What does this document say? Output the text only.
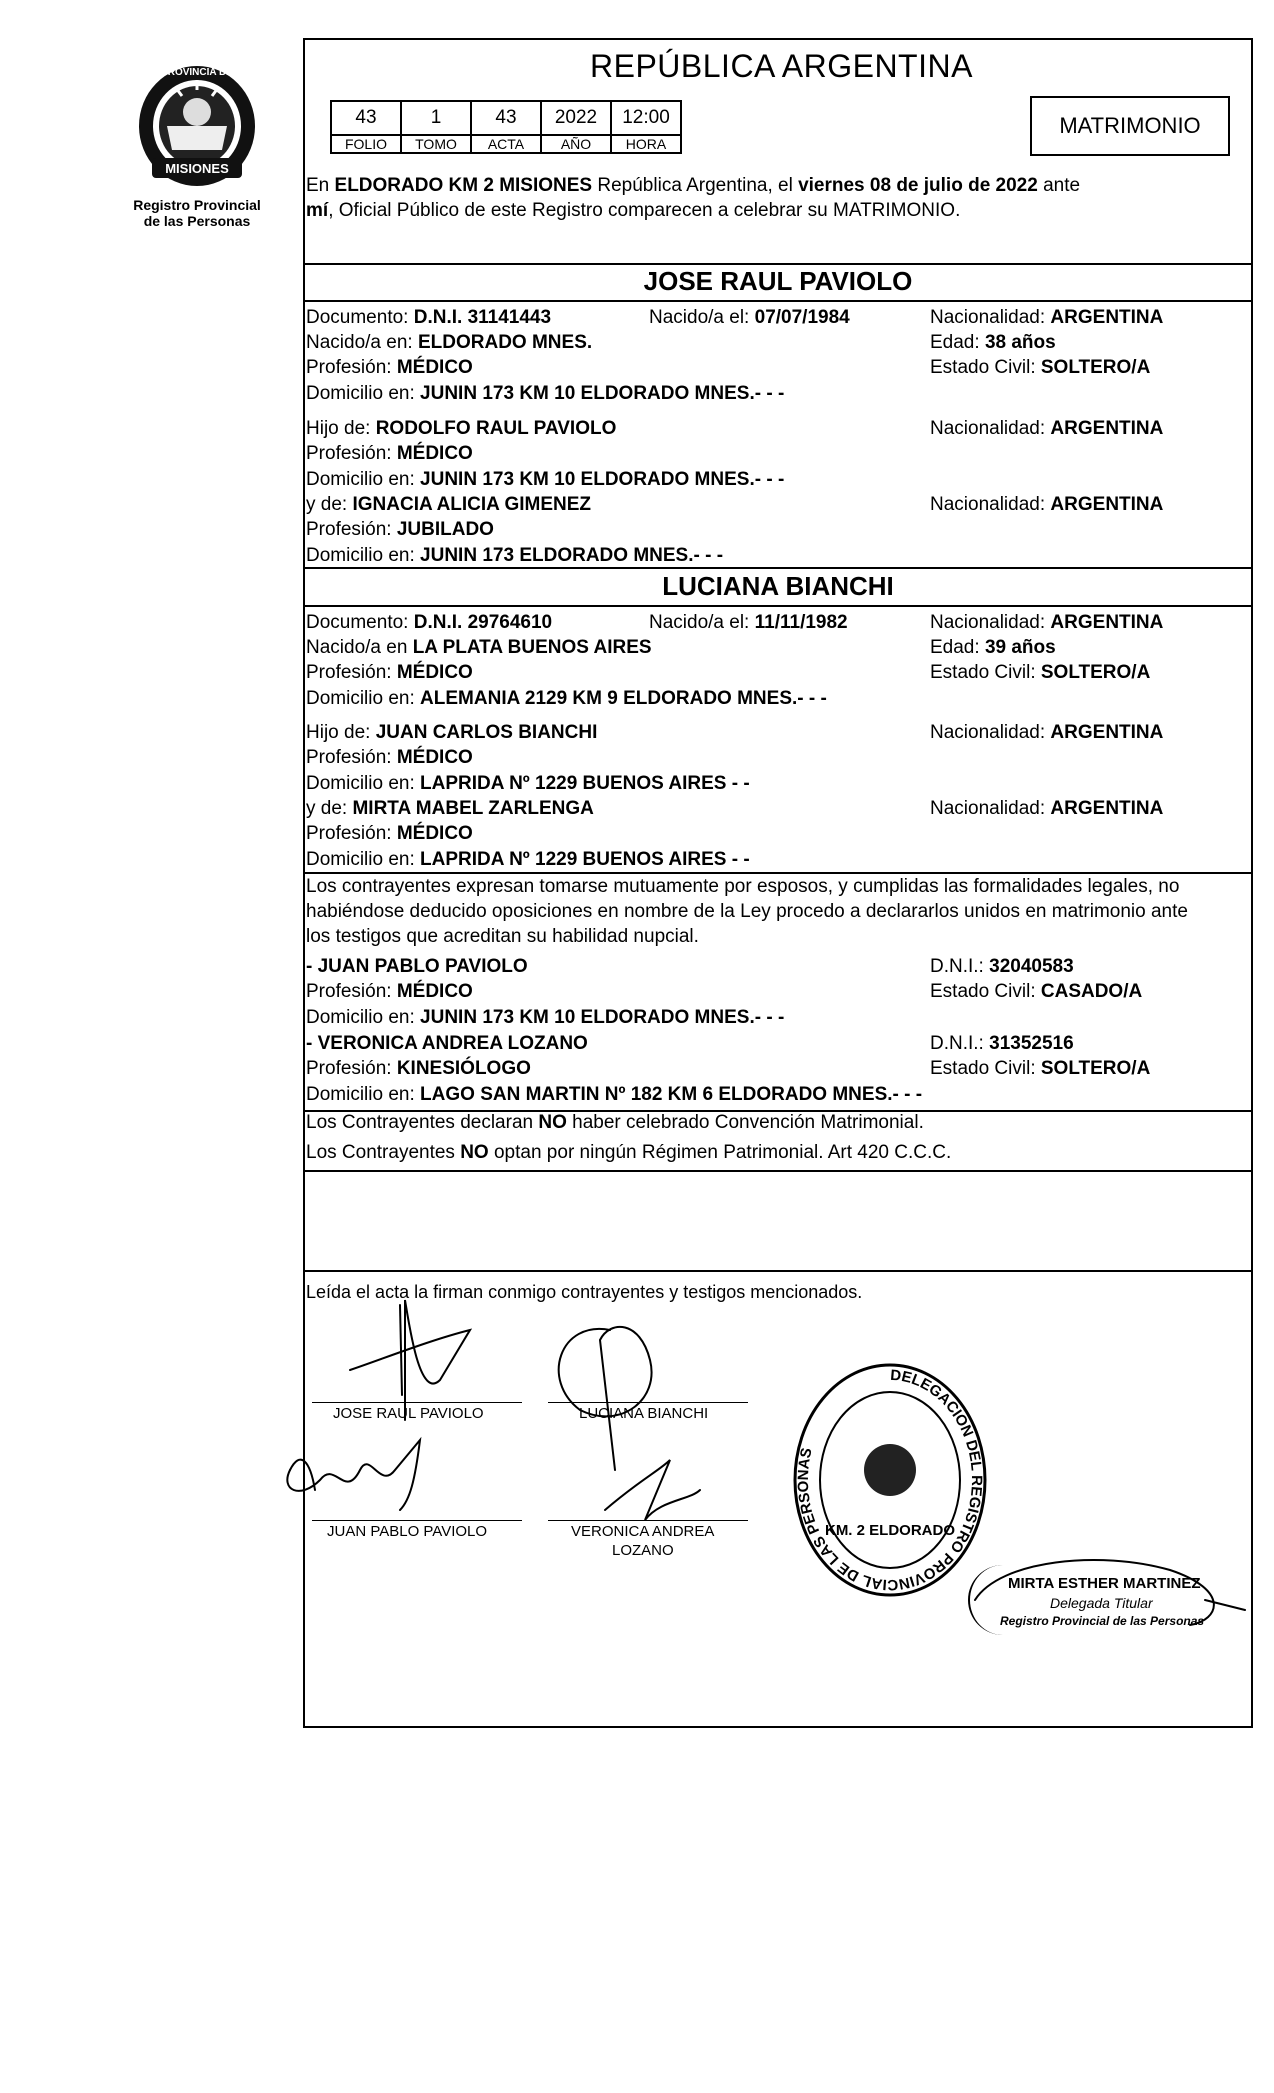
MISIONES
PROVINCIA DE
Registro Provincial
de las Personas
REPÚBLICA ARGENTINA
43	1	43	2022	12:00
FOLIO	TOMO	ACTA	AÑO	HORA
MATRIMONIO
En ELDORADO KM 2 MISIONES República Argentina, el viernes 08 de julio de 2022 ante
mí, Oficial Público de este Registro comparecen a celebrar su MATRIMONIO.
JOSE RAUL PAVIOLO
Documento: D.N.I. 31141443	Nacido/a el: 07/07/1984	Nacionalidad: ARGENTINA
Nacido/a en: ELDORADO MNES.	Edad: 38 años
Profesión: MÉDICO	Estado Civil: SOLTERO/A
Domicilio en: JUNIN 173 KM 10 ELDORADO MNES.- - -
Hijo de: RODOLFO RAUL PAVIOLO	Nacionalidad: ARGENTINA
Profesión: MÉDICO
Domicilio en: JUNIN 173 KM 10 ELDORADO MNES.- - -
y de: IGNACIA ALICIA GIMENEZ	Nacionalidad: ARGENTINA
Profesión: JUBILADO
Domicilio en: JUNIN 173 ELDORADO MNES.- - -
LUCIANA BIANCHI
Documento: D.N.I. 29764610	Nacido/a el: 11/11/1982	Nacionalidad: ARGENTINA
Nacido/a en LA PLATA BUENOS AIRES	Edad: 39 años
Profesión: MÉDICO	Estado Civil: SOLTERO/A
Domicilio en: ALEMANIA 2129 KM 9 ELDORADO MNES.- - -
Hijo de: JUAN CARLOS BIANCHI	Nacionalidad: ARGENTINA
Profesión: MÉDICO
Domicilio en: LAPRIDA Nº 1229 BUENOS AIRES - -
y de: MIRTA MABEL ZARLENGA	Nacionalidad: ARGENTINA
Profesión: MÉDICO
Domicilio en: LAPRIDA Nº 1229 BUENOS AIRES - -
Los contrayentes expresan tomarse mutuamente por esposos, y cumplidas las formalidades legales, no
habiéndose deducido oposiciones en nombre de la Ley procedo a declararlos unidos en matrimonio ante
los testigos que acreditan su habilidad nupcial.
- JUAN PABLO PAVIOLO	D.N.I.: 32040583
Profesión: MÉDICO	Estado Civil: CASADO/A
Domicilio en: JUNIN 173 KM 10 ELDORADO MNES.- - -
- VERONICA ANDREA LOZANO	D.N.I.: 31352516
Profesión: KINESIÓLOGO	Estado Civil: SOLTERO/A
Domicilio en: LAGO SAN MARTIN Nº 182 KM 6 ELDORADO MNES.- - -
Los Contrayentes declaran NO haber celebrado Convención Matrimonial.
Los Contrayentes NO optan por ningún Régimen Patrimonial. Art 420 C.C.C.
Leída el acta la firman conmigo contrayentes y testigos mencionados.
JOSE RAUL PAVIOLO	LUCIANA BIANCHI
JUAN PABLO PAVIOLO	VERONICA ANDREA
LOZANO
DELEGACION DEL REGISTRO PROVINCIAL DE LAS PERSONAS
KM. 2 ELDORADO
MIRTA ESTHER MARTINEZ
Delegada Titular
Registro Provincial de las Personas
